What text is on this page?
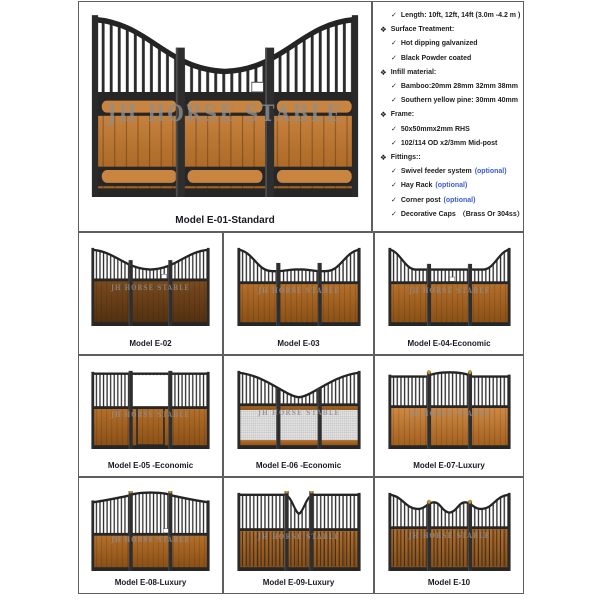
JH HORSE STABLE
Model E-01-Standard
✓ Length: 10ft, 12ft, 14ft (3.0m -4.2 m )
❖ Surface Treatment:
✓ Hot dipping galvanized
✓ Black Powder coated
❖ Infill material:
✓ Bamboo:20mm 28mm 32mm 38mm
✓ Southern yellow pine: 30mm 40mm
❖ Frame:
✓ 50x50mmx2mm RHS
✓ 102/114 OD x2/3mm Mid-post
❖ Fittings::
✓ Swivel feeder system (optional)
✓ Hay Rack (optional)
✓ Corner post (optional)
✓ Decorative Caps （Brass Or 304ss）
JH HORSE STABLE
Model E-02
JH HORSE STABLE
Model E-03
JH HORSE STABLE
Model E-04-Economic
JH HORSE STABLE
Model E-05 -Economic
JH HORSE STABLE
Model E-06 -Economic
JH HORSE STABLE
Model E-07-Luxury
JH HORSE STABLE
Model E-08-Luxury
JH HORSE STABLE
Model E-09-Luxury
JH HORSE STABLE
Model E-10
